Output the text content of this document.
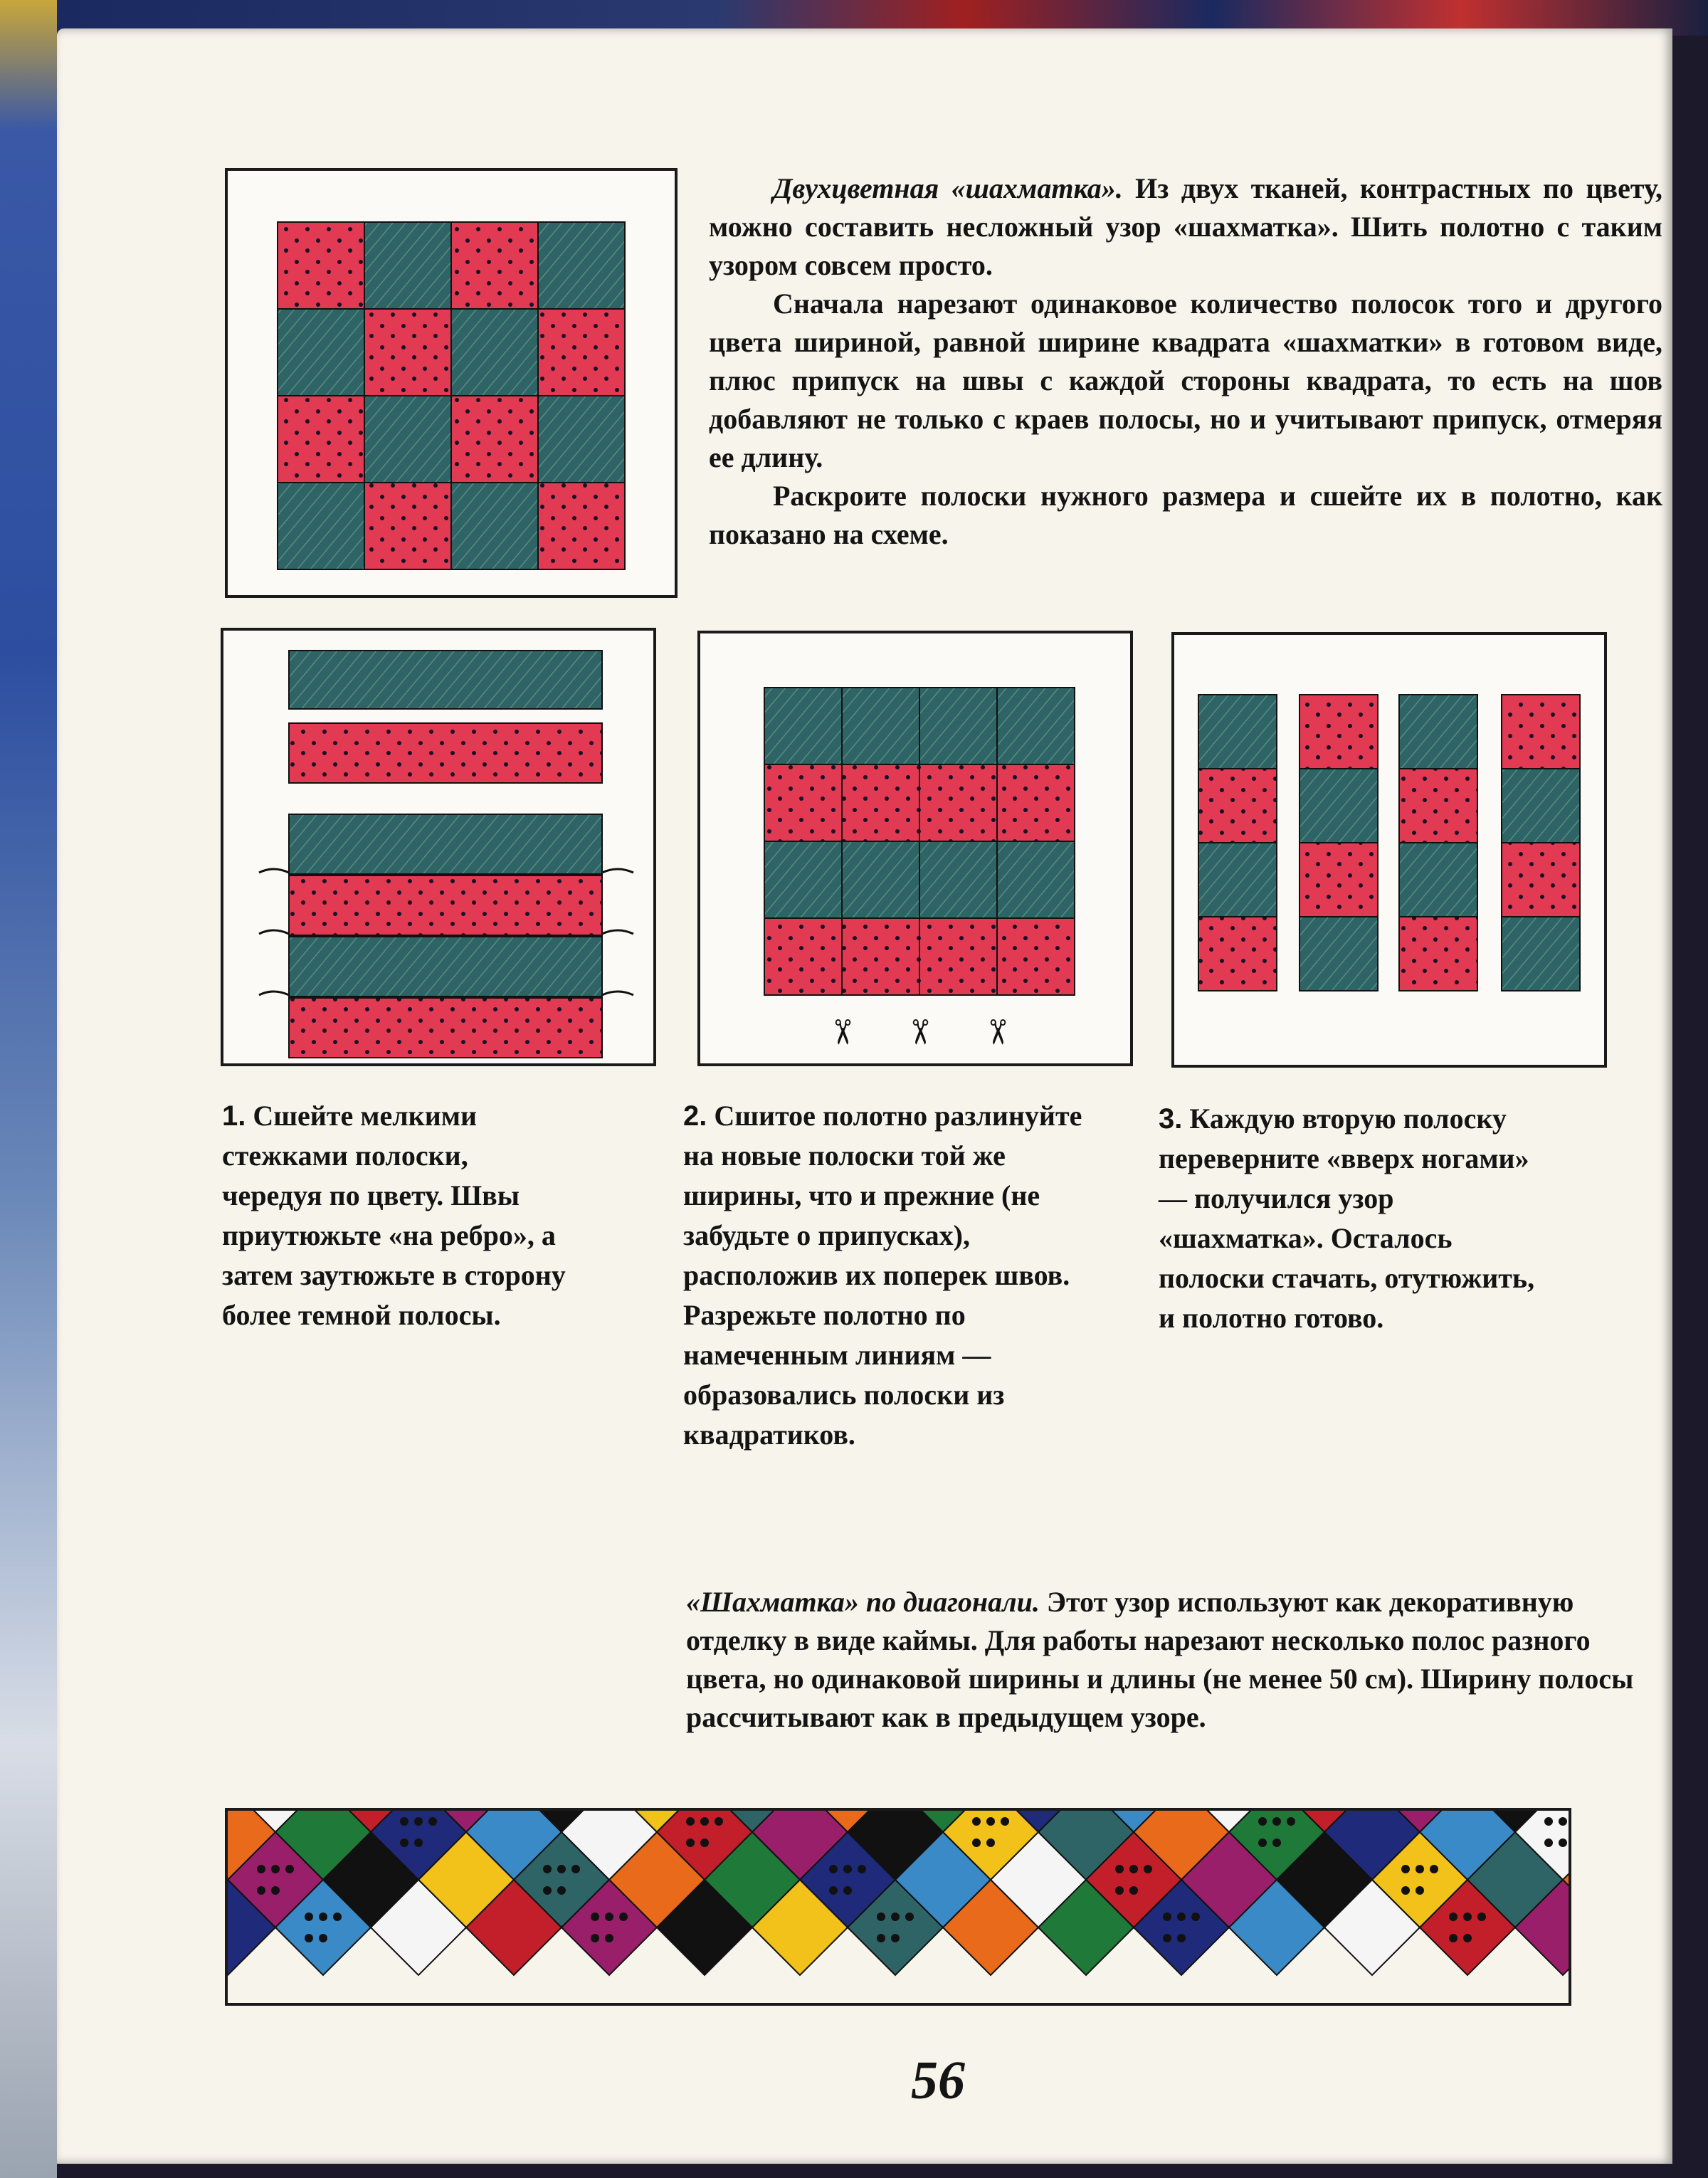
Двухцветная «шахматка». Из двух тканей, контрастных по цвету, можно составить несложный узор «шахматка». Шить полотно с таким узором совсем просто.
Сначала нарезают одинаковое количество полосок того и другого цвета шириной, равной ширине квадрата «шахматки» в готовом виде, плюс припуск на швы с каждой стороны квадрата, то есть на шов добавляют не только с краев полосы, но и учитывают припуск, отмеряя ее длину.
Раскроите полоски нужного размера и сшейте их в полотно, как показано на схеме.
✂ ✂ ✂
1. Сшейте мелкими стежками полоски, чередуя по цвету. Швы приутюжьте «на ребро», а затем заутюжьте в сторону более темной полосы.
2. Сшитое полотно разлинуйте на новые полоски той же ширины, что и прежние (не забудьте о припусках), расположив их поперек швов. Разрежьте полотно по намеченным линиям — образовались полоски из квадратиков.
3. Каждую вторую полоску переверните «вверх ногами» — получился узор «шахматка». Осталось полоски стачать, отутюжить, и полотно готово.
«Шахматка» по диагонали. Этот узор используют как декоративную отделку в виде каймы. Для работы нарезают несколько полос разного цвета, но одинаковой ширины и длины (не менее 50 см). Ширину полосы рассчитывают как в предыдущем узоре.
56
